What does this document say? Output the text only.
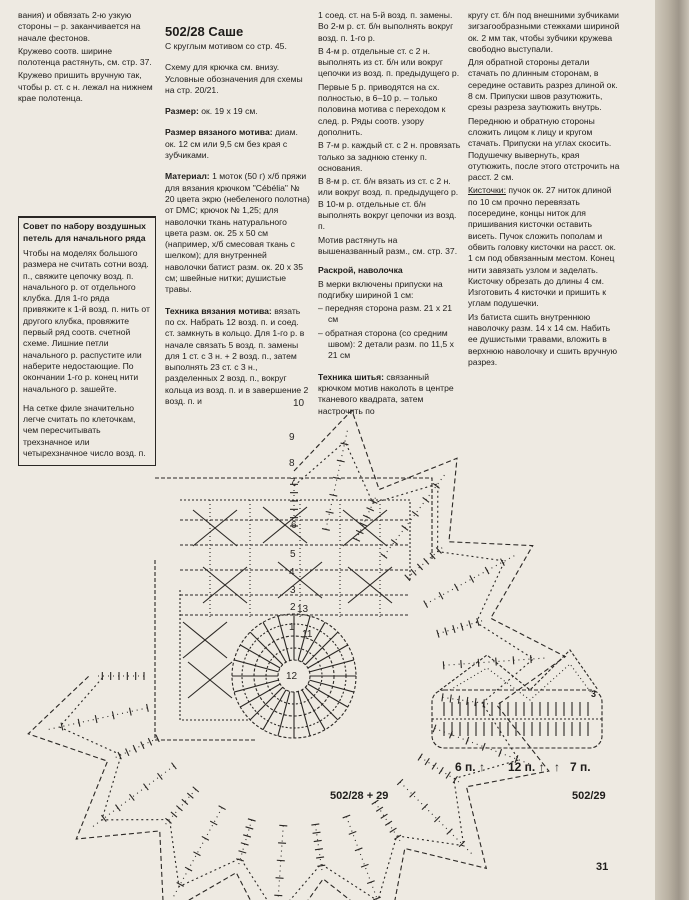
вания) и обвязать 2-ю узкую стороны – р. заканчивается на начале фестонов.

Кружево соотв. ширине полотенца растянуть, см. стр. 37.

Кружево пришить вручную так, чтобы р. ст. с н. лежал на нижнем крае полотенца.

Совет по набору воздушных петель для начального ряда

Чтобы на моделях большого размера не считать сотни возд. п., свяжите цепочку возд. п. начального р. от отдельного клубка. Для 1-го ряда привяжите к 1-й возд. п. нить от другого клубка, провяжите первый ряд соотв. счетной схеме. Лишние петли начального р. распустите или наберите недостающие. По окончании 1-го р. конец нити начального р. зашейте.

На сетке филе значительно легче считать по клеточкам, чем пересчитывать трехзначное или четырехзначное число возд. п.

502/28 Саше

С круглым мотивом со стр. 45.

Схему для крючка см. внизу. Условные обозначения для схемы на стр. 20/21.

Размер: ок. 19 x 19 см.

Размер вязаного мотива: диам. ок. 12 см или 9,5 см без края с зубчиками.

Материал: 1 моток (50 г) х/б пряжи для вязания крючком "Cébélia" № 20 цвета экрю (небеленого полотна) от DMC; крючок № 1,25; для наволочки ткань натурального цвета разм. ок. 25 x 50 см (например, х/б смесовая ткань с шелком); для внутренней наволочки батист разм. ок. 20 x 35 см; швейные нитки; душистые травы.

Техника вязания мотива: вязать по сх. Набрать 12 возд. п. и соед. ст. замкнуть в кольцо. Для 1-го р. в начале связать 5 возд. п. замены для 1 ст. с 3 н. + 2 возд. п., затем выполнять 23 ст. с 3 н., разделенных 2 возд. п., вокруг кольца из возд. п. и в завершение 2 возд. п. и

1 соед. ст. на 5-й возд. п. замены. Во 2-м р. ст. б/н выполнять вокруг возд. п. 1-го р.

В 4-м р. отдельные ст. с 2 н. выполнять из ст. б/н или вокруг цепочки из возд. п. предыдущего р.

Первые 5 р. приводятся на сх. полностью, в 6–10 р. – только половина мотива с переходом к след. р. Ряды соотв. узору дополнить.

В 7-м р. каждый ст. с 2 н. провязать только за заднюю стенку п. основания.

В 8-м р. ст. б/н вязать из ст. с 2 н. или вокруг возд. п. предыдущего р. В 10-м р. отдельные ст. б/н выполнять вокруг цепочки из возд. п.

Мотив растянуть на вышеназванный разм., см. стр. 37.

Раскрой, наволочка

В мерки включены припуски на подгибку шириной 1 см:

– передняя сторона разм. 21 x 21 см

– обратная сторона (со средним швом): 2 детали разм. по 11,5 x 21 см

Техника шитья: связанный крючком мотив наколоть в центре тканевого квадрата, затем настрочить по

кругу ст. б/н под внешними зубчиками зигзагообразными стежками шириной ок. 2 мм так, чтобы зубчики кружева свободно выступали.

Для обратной стороны детали стачать по длинным сторонам, в середине оставить разрез длиной ок. 8 см. Припуски швов разутюжить, срезы разреза заутюжить внутрь.

Переднюю и обратную стороны сложить лицом к лицу и кругом стачать. Припуски на углах скосить. Подушечку вывернуть, края отутюжить, после этого отстрочить на расст. 2 см.

Кисточки: пучок ок. 27 ниток длиной по 10 см прочно перевязать посередине, концы ниток для пришивания кисточки оставить висеть. Пучок сложить пополам и обвить головку кисточки на расст. ок. 1 см под обвязанным местом. Конец нити завязать узлом и заделать. Кисточку обрезать до длины 4 см. Изготовить 4 кисточки и пришить к углам подушечки.

Из батиста сшить внутреннюю наволочку разм. 14 x 14 см. Набить ее душистыми травами, вложить в верхнюю наволочку и сшить вручную разрез.

10
9
8
7
6
5
4
3
2
1
13
12
11
6 п. ↑ 12 п. ↑ 7 п.
↑
3
502/28 + 29	502/29
31
